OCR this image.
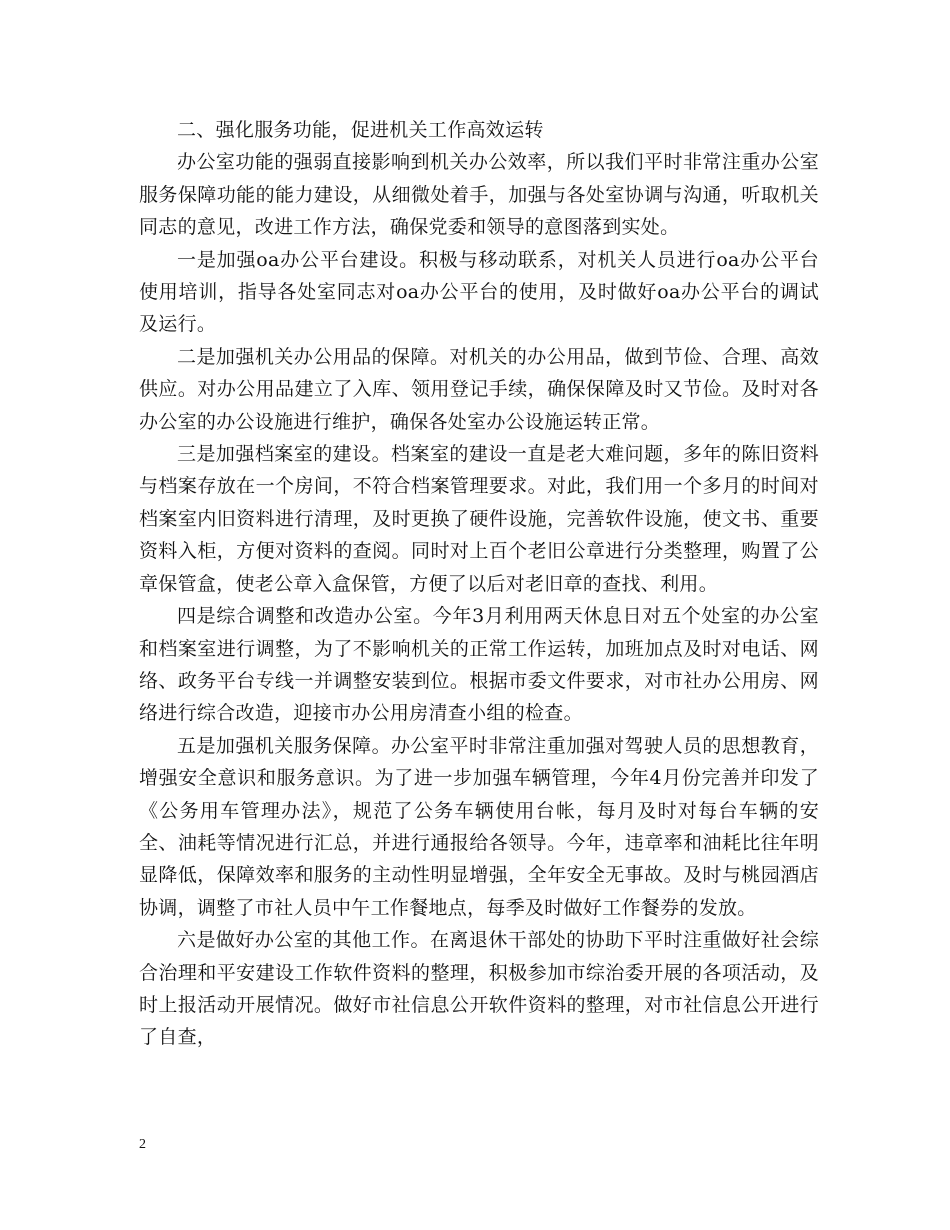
二、强化服务功能，促进机关工作高效运转

办公室功能的强弱直接影响到机关办公效率，所以我们平时非常注重办公室服务保障功能的能力建设，从细微处着手，加强与各处室协调与沟通，听取机关同志的意见，改进工作方法，确保党委和领导的意图落到实处。

一是加强oa办公平台建设。积极与移动联系，对机关人员进行oa办公平台使用培训，指导各处室同志对oa办公平台的使用，及时做好oa办公平台的调试及运行。

二是加强机关办公用品的保障。对机关的办公用品，做到节俭、合理、高效供应。对办公用品建立了入库、领用登记手续，确保保障及时又节俭。及时对各办公室的办公设施进行维护，确保各处室办公设施运转正常。

三是加强档案室的建设。档案室的建设一直是老大难问题，多年的陈旧资料与档案存放在一个房间，不符合档案管理要求。对此，我们用一个多月的时间对档案室内旧资料进行清理，及时更换了硬件设施，完善软件设施，使文书、重要资料入柜，方便对资料的查阅。同时对上百个老旧公章进行分类整理，购置了公章保管盒，使老公章入盒保管，方便了以后对老旧章的查找、利用。

四是综合调整和改造办公室。今年3月利用两天休息日对五个处室的办公室和档案室进行调整，为了不影响机关的正常工作运转，加班加点及时对电话、网络、政务平台专线一并调整安装到位。根据市委文件要求，对市社办公用房、网络进行综合改造，迎接市办公用房清查小组的检查。

五是加强机关服务保障。办公室平时非常注重加强对驾驶人员的思想教育，增强安全意识和服务意识。为了进一步加强车辆管理，今年4月份完善并印发了《公务用车管理办法》，规范了公务车辆使用台帐，每月及时对每台车辆的安全、油耗等情况进行汇总，并进行通报给各领导。今年，违章率和油耗比往年明显降低，保障效率和服务的主动性明显增强，全年安全无事故。及时与桃园酒店协调，调整了市社人员中午工作餐地点，每季及时做好工作餐券的发放。

六是做好办公室的其他工作。在离退休干部处的协助下平时注重做好社会综合治理和平安建设工作软件资料的整理，积极参加市综治委开展的各项活动，及时上报活动开展情况。做好市社信息公开软件资料的整理，对市社信息公开进行了自查，

2
